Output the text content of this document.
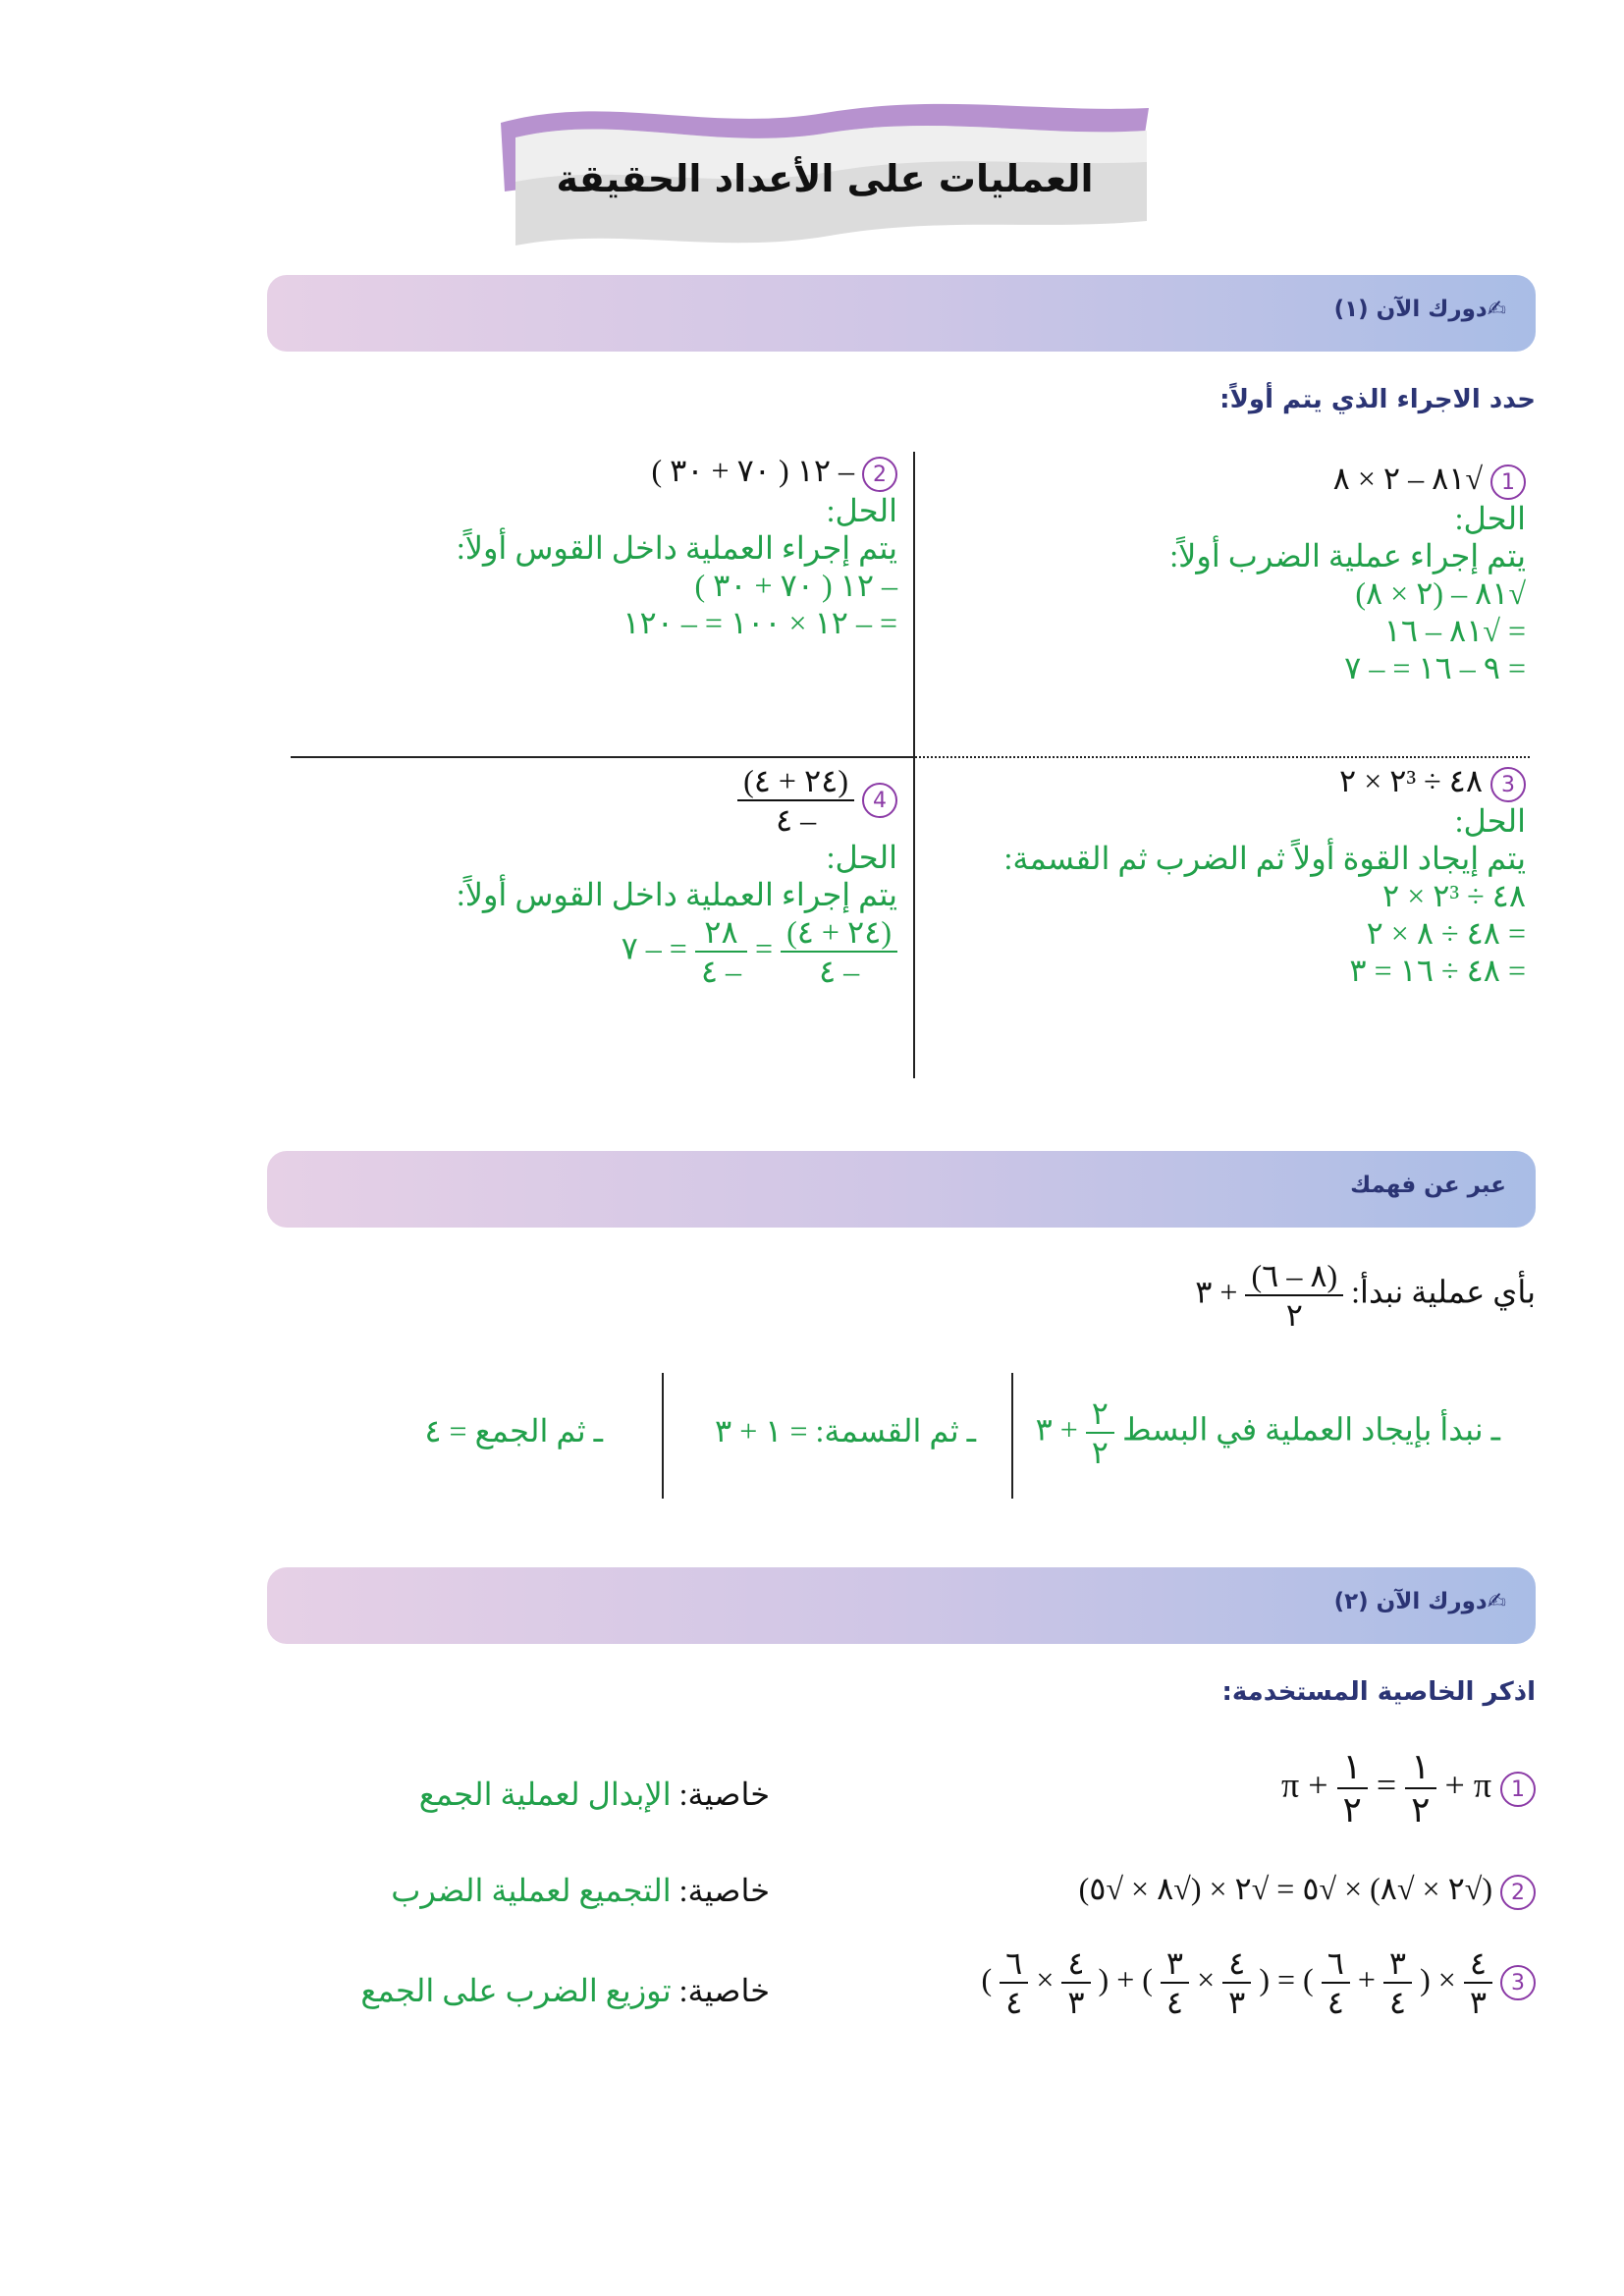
العمليات على الأعداد الحقيقة
✍دورك الآن (١)
حدد الاجراء الذي يتم أولاً:
1 √٨١ – ٢ × ٨
الحل:
يتم إجراء عملية الضرب أولاً:
√٨١ – (٢ × ٨)
= √٨١ – ١٦
= ٩ – ١٦ = – ٧
2 – ١٢ ( ٧٠ + ٣٠ )
الحل:
يتم إجراء العملية داخل القوس أولاً:
– ١٢ ( ٧٠ + ٣٠ )
= – ١٢ × ١٠٠ = – ١٢٠
3 ٤٨ ÷ ٢³ × ٢
الحل:
يتم إيجاد القوة أولاً ثم الضرب ثم القسمة:
٤٨ ÷ ٢³ × ٢
= ٤٨ ÷ ٨ × ٢
= ٤٨ ÷ ١٦ = ٣
4
$\frac{(٢٤ + ٤)}{- ٤}$
الحل:
يتم إجراء العملية داخل القوس أولاً:
$\frac{(٢٤ + ٤)}{- ٤}$
=
$\frac{٢٨}{- ٤}$
= – ٧
عبر عن فهمك
بأي عملية نبدأ:
$\frac{(٨ - ٦)}{٢}$
+ ٣
ـ نبدأ بإيجاد العملية في البسط
$\frac{٢}{٢}$
+ ٣
ـ ثم القسمة: = ١ + ٣
ـ ثم الجمع = ٤
✍دورك الآن (٢)
اذكر الخاصية المستخدمة:
1 $\pi + \frac{١}{٢} = \frac{١}{٢} + \pi$
خاصية: الإبدال لعملية الجمع
2 (√٢ × √٨) × √٥ = √٢ × (√٨ × √٥)
خاصية: التجميع لعملية الضرب
3
$\frac{٤}{٣}$
× (
$\frac{٣}{٤}$
+
$\frac{٦}{٤}$
) = (
$\frac{٤}{٣}$
×
$\frac{٣}{٤}$
) + (
$\frac{٤}{٣}$
×
$\frac{٦}{٤}$
)
خاصية: توزيع الضرب على الجمع
